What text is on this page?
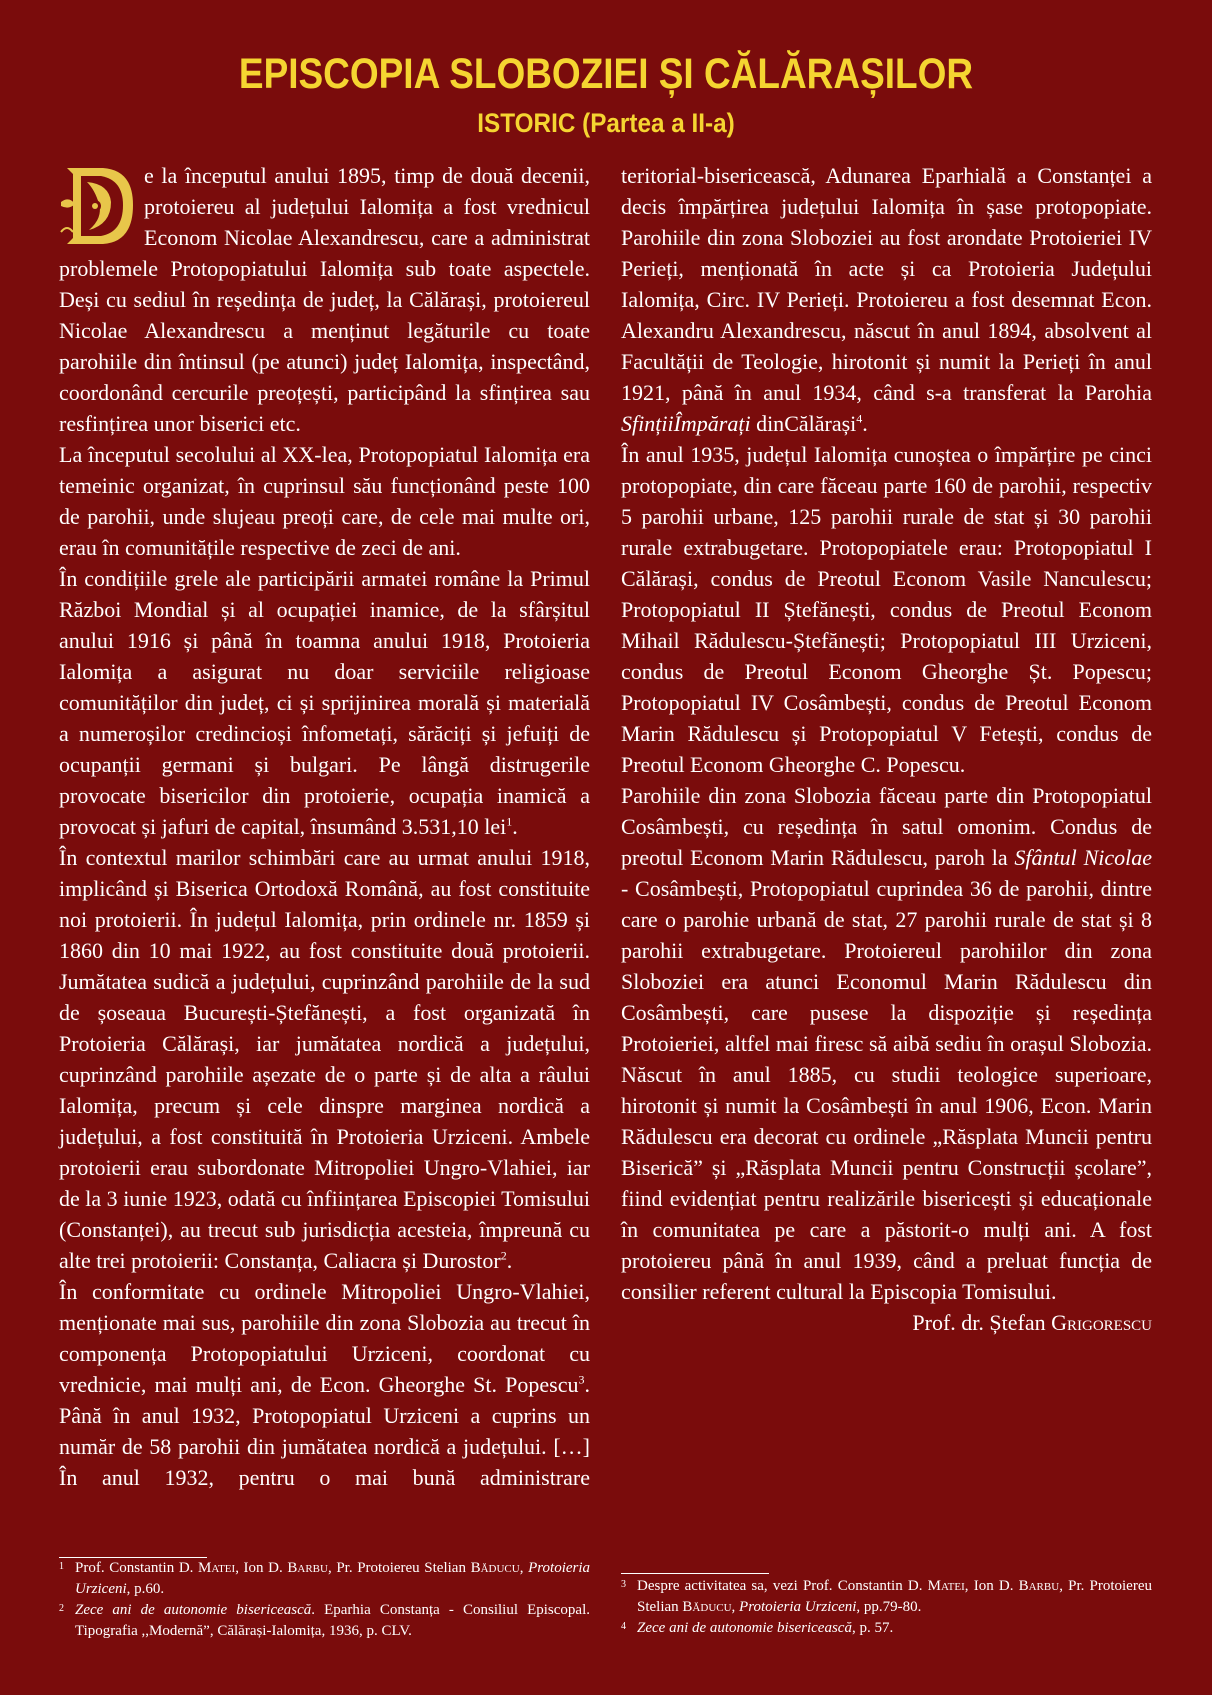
EPISCOPIA SLOBOZIEI ȘI CĂLĂRAȘILOR
ISTORIC (Partea a II-a)

e la începutul anului 1895, timp de două decenii, protoiereu al județului Ialomița a fost vrednicul Econom Nicolae Alexandrescu, care a administrat problemele Protopopiatului Ialomița sub toate aspectele. Deși cu sediul în reședința de județ, la Călărași, protoiereul Nicolae Alexandrescu a menținut legăturile cu toate parohiile din întinsul (pe atunci) județ Ialomița, inspectând, coordonând cercurile preoțești, participând la sfințirea sau resfințirea unor biserici etc.

La începutul secolului al XX-lea, Protopopiatul Ialomița era temeinic organizat, în cuprinsul său funcționând peste 100 de parohii, unde slujeau preoți care, de cele mai multe ori, erau în comunitățile respective de zeci de ani.

În condițiile grele ale participării armatei române la Primul Război Mondial și al ocupației inamice, de la sfârșitul anului 1916 și până în toamna anului 1918, Protoieria Ialomița a asigurat nu doar serviciile religioase comunităților din județ, ci și sprijinirea morală și materială a numeroșilor credincioși înfometați, sărăciți și jefuiți de ocupanții germani și bulgari. Pe lângă distrugerile provocate bisericilor din protoierie, ocupația inamică a provocat și jafuri de capital, însumând 3.531,10 lei$^1$.

În contextul marilor schimbări care au urmat anului 1918, implicând și Biserica Ortodoxă Română, au fost constituite noi protoierii. În județul Ialomița, prin ordinele nr. 1859 și 1860 din 10 mai 1922, au fost constituite două protoierii. Jumătatea sudică a județului, cuprinzând parohiile de la sud de șoseaua București-Ștefănești, a fost organizată în Protoieria Călărași, iar jumătatea nordică a județului, cuprinzând parohiile așezate de o parte și de alta a râului Ialomița, precum și cele dinspre marginea nordică a județului, a fost constituită în Protoieria Urziceni. Ambele protoierii erau subordonate Mitropoliei Ungro-Vlahiei, iar de la 3 iunie 1923, odată cu înființarea Episcopiei Tomisului (Constanței), au trecut sub jurisdicția acesteia, împreună cu alte trei protoierii: Constanța, Caliacra și Durostor$^2$.

În conformitate cu ordinele Mitropoliei Ungro-Vlahiei, menționate mai sus, parohiile din zona Slobozia au trecut în componența Protopopiatului Urziceni, coordonat cu vrednicie, mai mulți ani, de Econ. Gheorghe St. Popescu$^3$. Până în anul 1932, Protopopiatul Urziceni a cuprins un număr de 58 parohii din jumătatea nordică a județului. […] În anul 1932, pentru o mai bună administrare

teritorial-bisericească, Adunarea Eparhială a Constanței a decis împărțirea județului Ialomița în șase protopopiate. Parohiile din zona Sloboziei au fost arondate Protoieriei IV Perieți, menționată în acte și ca Protoieria Județului Ialomița, Circ. IV Perieți. Protoiereu a fost desemnat Econ. Alexandru Alexandrescu, născut în anul 1894, absolvent al Facultății de Teologie, hirotonit și numit la Perieți în anul 1921, până în anul 1934, când s-a transferat la Parohia SfințiiÎmpărați dinCălărași$^4$.

În anul 1935, județul Ialomița cunoștea o împărțire pe cinci protopopiate, din care făceau parte 160 de parohii, respectiv 5 parohii urbane, 125 parohii rurale de stat și 30 parohii rurale extrabugetare. Protopopiatele erau: Protopopiatul I Călărași, condus de Preotul Econom Vasile Nanculescu; Protopopiatul II Ștefănești, condus de Preotul Econom Mihail Rădulescu-Ștefănești; Protopopiatul III Urziceni, condus de Preotul Econom Gheorghe Șt. Popescu; Protopopiatul IV Cosâmbești, condus de Preotul Econom Marin Rădulescu și Protopopiatul V Fetești, condus de Preotul Econom Gheorghe C. Popescu.

Parohiile din zona Slobozia făceau parte din Protopopiatul Cosâmbești, cu reședința în satul omonim. Condus de preotul Econom Marin Rădulescu, paroh la Sfântul Nicolae - Cosâmbești, Protopopiatul cuprindea 36 de parohii, dintre care o parohie urbană de stat, 27 parohii rurale de stat și 8 parohii extrabugetare. Protoiereul parohiilor din zona Sloboziei era atunci Economul Marin Rădulescu din Cosâmbești, care pusese la dispoziție și reședința Protoieriei, altfel mai firesc să aibă sediu în orașul Slobozia. Născut în anul 1885, cu studii teologice superioare, hirotonit și numit la Cosâmbești în anul 1906, Econ. Marin Rădulescu era decorat cu ordinele „Răsplata Muncii pentru Biserică” și „Răsplata Muncii pentru Construcții școlare”, fiind evidențiat pentru realizările bisericești și educaționale în comunitatea pe care a păstorit-o mulți ani. A fost protoiereu până în anul 1939, când a preluat funcția de consilier referent cultural la Episcopia Tomisului.

Prof. dr. Ștefan Grigorescu

1 Prof. Constantin D. Matei, Ion D. Barbu, Pr. Protoiereu Stelian Băducu, Protoieria Urziceni, p.60.

2 Zece ani de autonomie bisericească. Eparhia Constanța - Consiliul Episcopal. Tipografia ,,Modernă”, Călărași-Ialomița, 1936, p. CLV.

3 Despre activitatea sa, vezi Prof. Constantin D. Matei, Ion D. Barbu, Pr. Protoiereu Stelian Băducu, Protoieria Urziceni, pp.79-80.

4 Zece ani de autonomie bisericească, p. 57.
